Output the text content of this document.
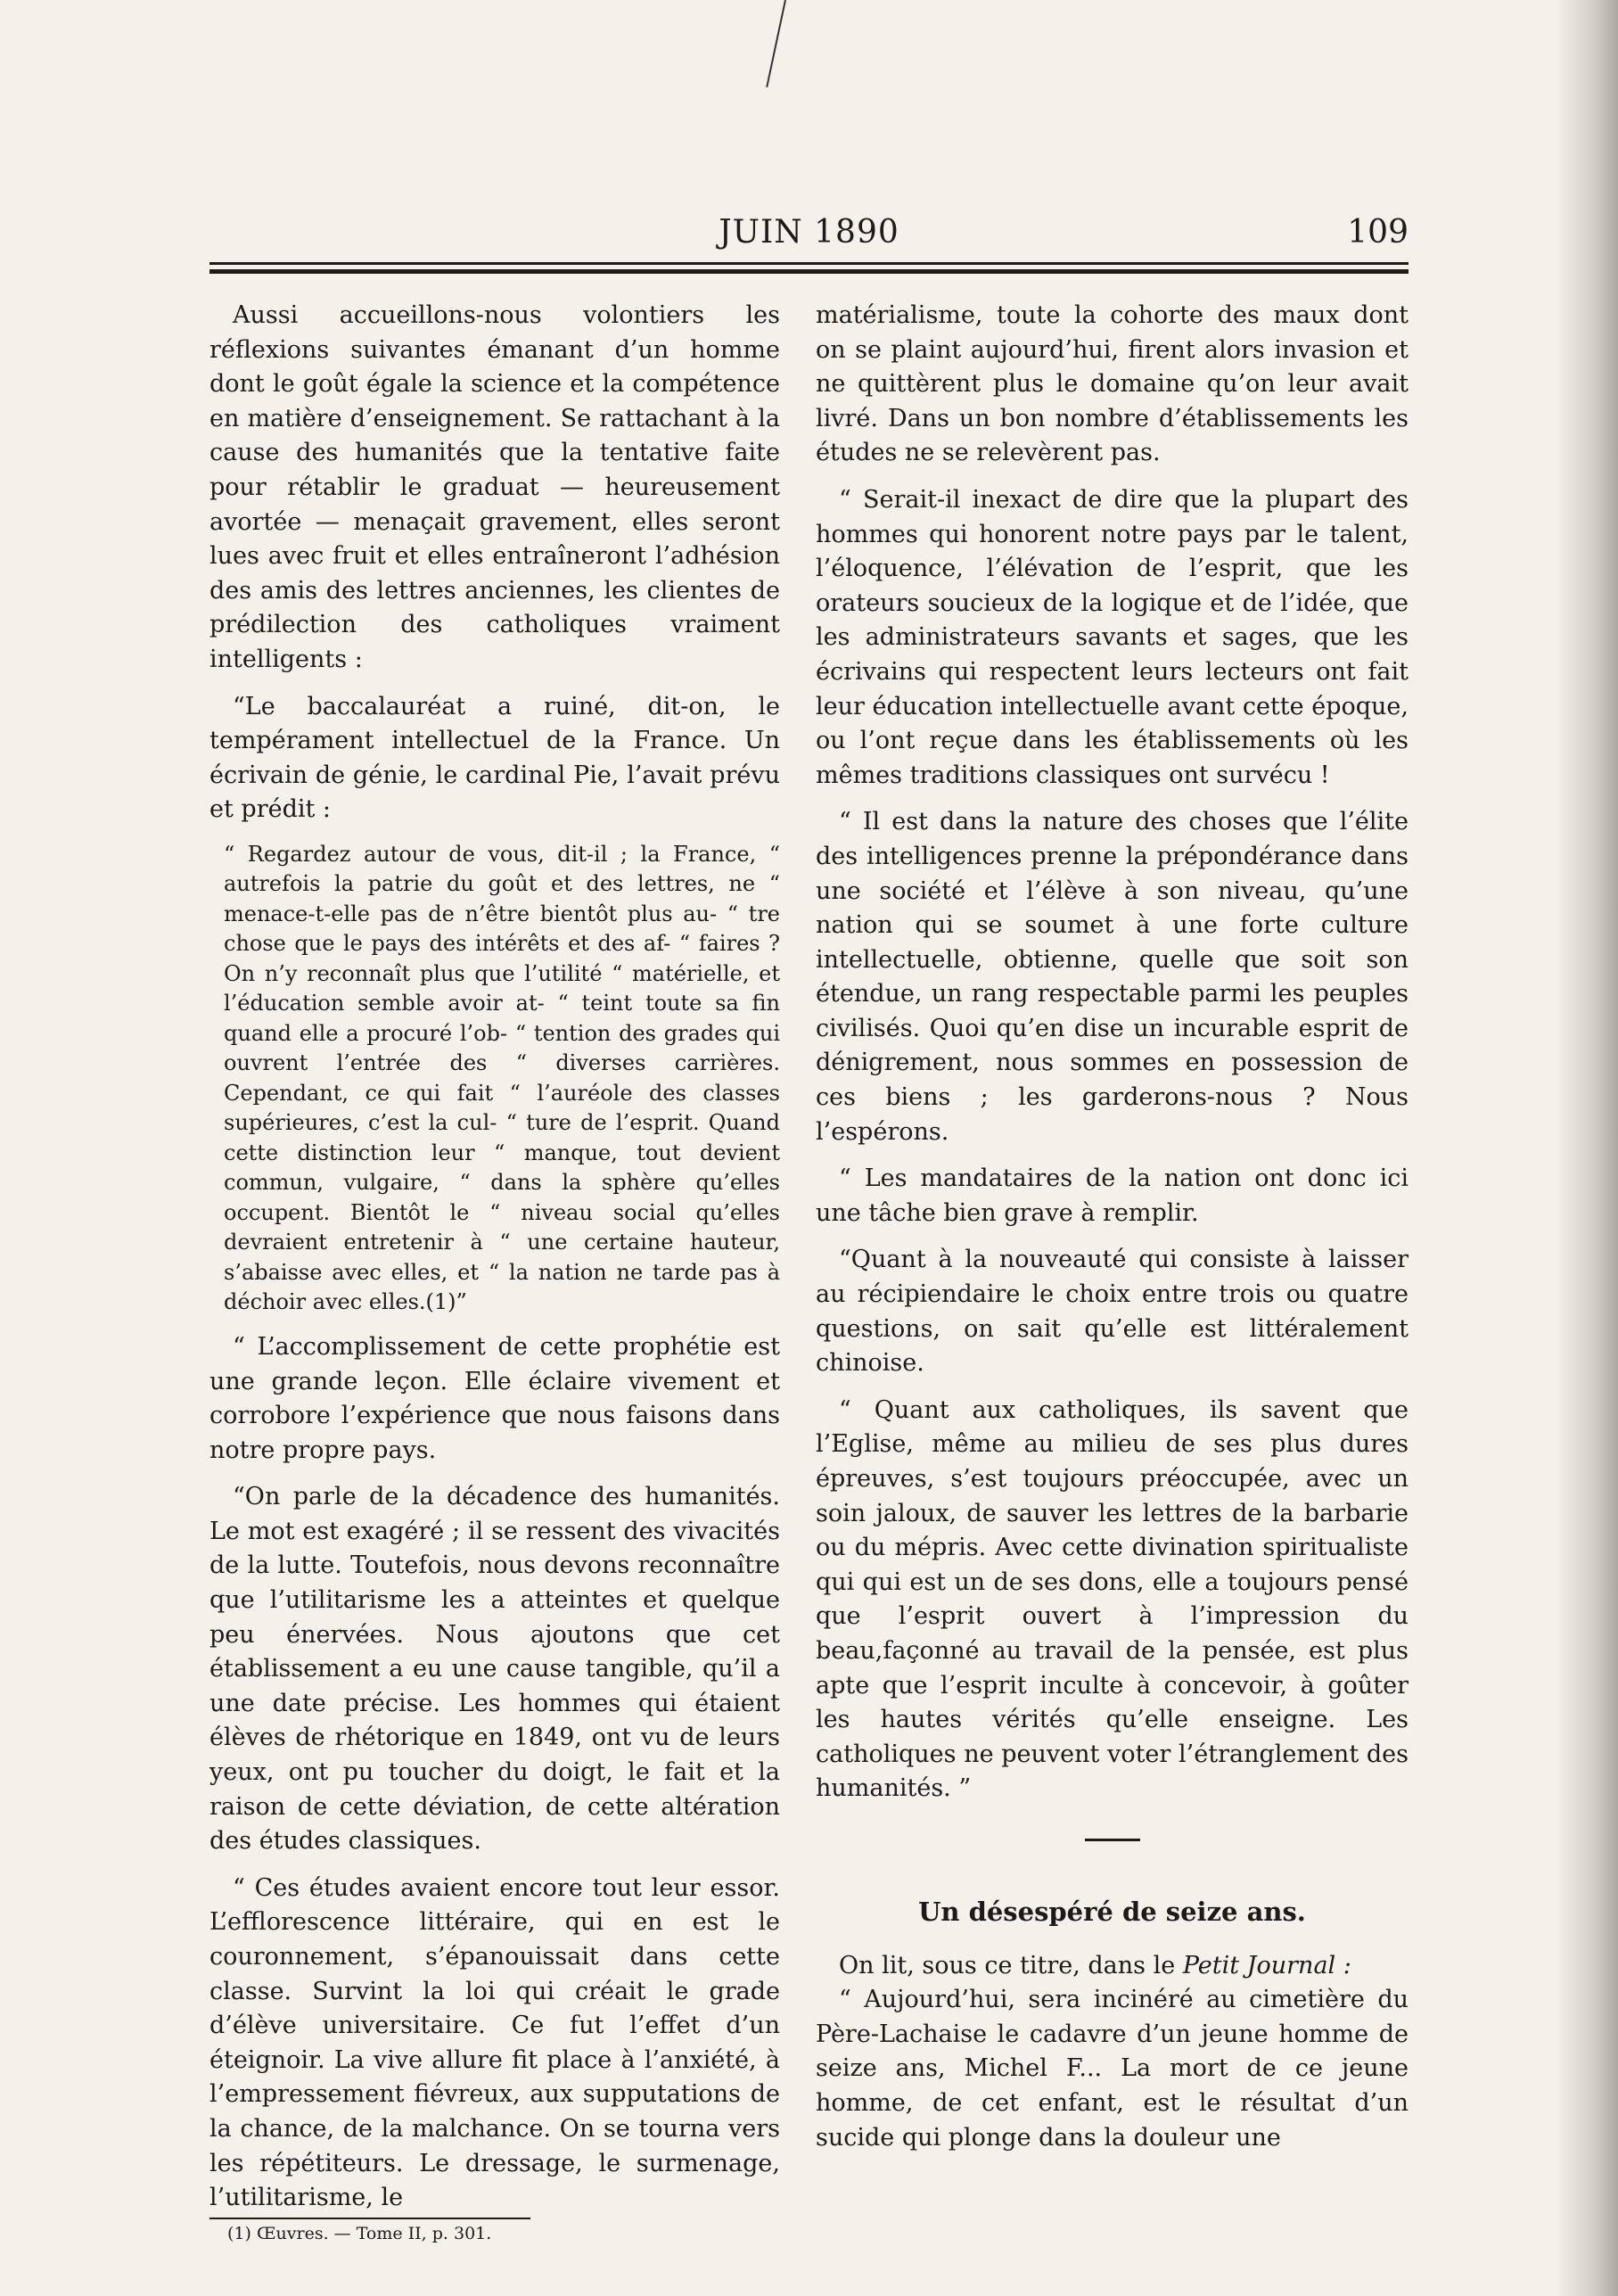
JUIN 1890	109

Aussi accueillons-nous volontiers les réflexions suivantes émanant d’un homme dont le goût égale la science et la compétence en matière d’enseignement. Se rattachant à la cause des humanités que la tentative faite pour rétablir le graduat — heureusement avortée — menaçait gravement, elles seront lues avec fruit et elles entraîneront l’adhésion des amis des lettres anciennes, les clientes de prédilection des catholiques vraiment intelligents :

“Le baccalauréat a ruiné, dit-on, le tempérament intellectuel de la France. Un écrivain de génie, le cardinal Pie, l’avait prévu et prédit :

“ Regardez autour de vous, dit-il ; la France, “ autrefois la patrie du goût et des lettres, ne “ menace-t-elle pas de n’être bientôt plus au- “ tre chose que le pays des intérêts et des af- “ faires ? On n’y reconnaît plus que l’utilité “ matérielle, et l’éducation semble avoir at- “ teint toute sa fin quand elle a procuré l’ob- “ tention des grades qui ouvrent l’entrée des “ diverses carrières. Cependant, ce qui fait “ l’auréole des classes supérieures, c’est la cul- “ ture de l’esprit. Quand cette distinction leur “ manque, tout devient commun, vulgaire, “ dans la sphère qu’elles occupent. Bientôt le “ niveau social qu’elles devraient entretenir à “ une certaine hauteur, s’abaisse avec elles, et “ la nation ne tarde pas à déchoir avec elles.(1)”

“ L’accomplissement de cette prophétie est une grande leçon. Elle éclaire vivement et corrobore l’expérience que nous faisons dans notre propre pays.

“On parle de la décadence des humanités. Le mot est exagéré ; il se ressent des vivacités de la lutte. Toutefois, nous devons reconnaître que l’utilitarisme les a atteintes et quelque peu énervées. Nous ajoutons que cet établissement a eu une cause tangible, qu’il a une date précise. Les hommes qui étaient élèves de rhétorique en 1849, ont vu de leurs yeux, ont pu toucher du doigt, le fait et la raison de cette déviation, de cette altération des études classiques.

“ Ces études avaient encore tout leur essor. L’efflorescence littéraire, qui en est le couronnement, s’épanouissait dans cette classe. Survint la loi qui créait le grade d’élève universitaire. Ce fut l’effet d’un éteignoir. La vive allure fit place à l’anxiété, à l’empressement fiévreux, aux supputations de la chance, de la malchance. On se tourna vers les répétiteurs. Le dressage, le surmenage, l’utilitarisme, le

(1) Œuvres. — Tome II, p. 301.

matérialisme, toute la cohorte des maux dont on se plaint aujourd’hui, firent alors invasion et ne quittèrent plus le domaine qu’on leur avait livré. Dans un bon nombre d’établissements les études ne se relevèrent pas.

“ Serait-il inexact de dire que la plupart des hommes qui honorent notre pays par le talent, l’éloquence, l’élévation de l’esprit, que les orateurs soucieux de la logique et de l’idée, que les administrateurs savants et sages, que les écrivains qui respectent leurs lecteurs ont fait leur éducation intellectuelle avant cette époque, ou l’ont reçue dans les établissements où les mêmes traditions classiques ont survécu !

“ Il est dans la nature des choses que l’élite des intelligences prenne la prépondérance dans une société et l’élève à son niveau, qu’une nation qui se soumet à une forte culture intellectuelle, obtienne, quelle que soit son étendue, un rang respectable parmi les peuples civilisés. Quoi qu’en dise un incurable esprit de dénigrement, nous sommes en possession de ces biens ; les garderons-nous ? Nous l’espérons.

“ Les mandataires de la nation ont donc ici une tâche bien grave à remplir.

“Quant à la nouveauté qui consiste à laisser au récipiendaire le choix entre trois ou quatre questions, on sait qu’elle est littéralement chinoise.

“ Quant aux catholiques, ils savent que l’Eglise, même au milieu de ses plus dures épreuves, s’est toujours préoccupée, avec un soin jaloux, de sauver les lettres de la barbarie ou du mépris. Avec cette divination spiritualiste qui qui est un de ses dons, elle a toujours pensé que l’esprit ouvert à l’impression du beau,façonné au travail de la pensée, est plus apte que l’esprit inculte à concevoir, à goûter les hautes vérités qu’elle enseigne. Les catholiques ne peuvent voter l’étranglement des humanités. ”

Un désespéré de seize ans.

On lit, sous ce titre, dans le Petit Journal :

“ Aujourd’hui, sera incinéré au cimetière du Père-Lachaise le cadavre d’un jeune homme de seize ans, Michel F... La mort de ce jeune homme, de cet enfant, est le résultat d’un sucide qui plonge dans la douleur une
